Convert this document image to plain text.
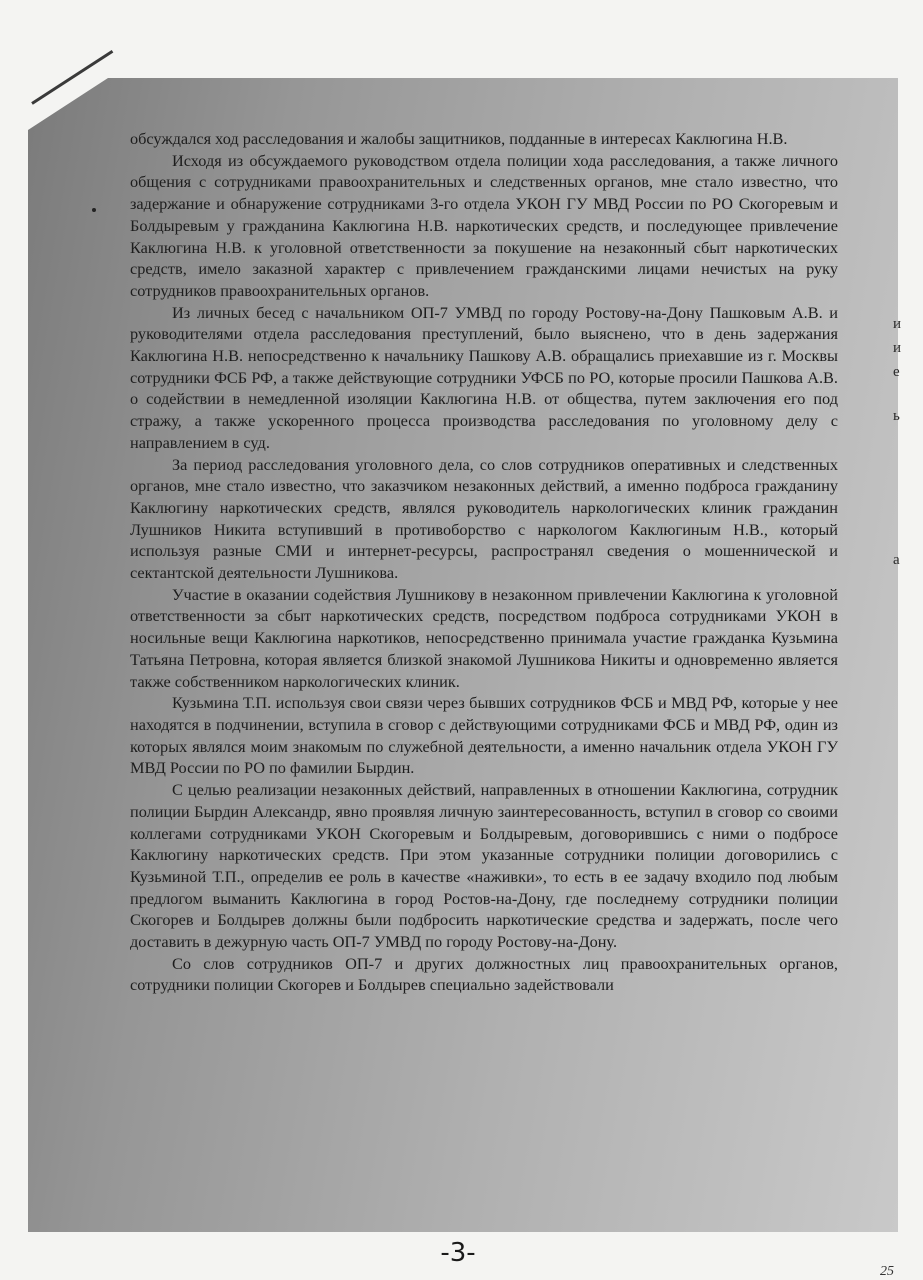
обсуждался ход расследования и жалобы защитников, подданные в интересах Каклюгина Н.В.

Исходя из обсуждаемого руководством отдела полиции хода расследования, а также личного общения с сотрудниками правоохранительных и следственных органов, мне стало известно, что задержание и обнаружение сотрудниками 3-го отдела УКОН ГУ МВД России по РО Скогоревым и Болдыревым у гражданина Каклюгина Н.В. наркотических средств, и последующее привлечение Каклюгина Н.В. к уголовной ответственности за покушение на незаконный сбыт наркотических средств, имело заказной характер с привлечением гражданскими лицами нечистых на руку сотрудников правоохранительных органов.

Из личных бесед с начальником ОП-7 УМВД по городу Ростову-на-Дону Пашковым А.В. и руководителями отдела расследования преступлений, было выяснено, что в день задержания Каклюгина Н.В. непосредственно к начальнику Пашкову А.В. обращались приехавшие из г. Москвы сотрудники ФСБ РФ, а также действующие сотрудники УФСБ по РО, которые просили Пашкова А.В. о содействии в немедленной изоляции Каклюгина Н.В. от общества, путем заключения его под стражу, а также ускоренного процесса производства расследования по уголовному делу с направлением в суд.

За период расследования уголовного дела, со слов сотрудников оперативных и следственных органов, мне стало известно, что заказчиком незаконных действий, а именно подброса гражданину Каклюгину наркотических средств, являлся руководитель наркологических клиник гражданин Лушников Никита вступивший в противоборство с наркологом Каклюгиным Н.В., который используя разные СМИ и интернет-ресурсы, распространял сведения о мошеннической и сектантской деятельности Лушникова.

Участие в оказании содействия Лушникову в незаконном привлечении Каклюгина к уголовной ответственности за сбыт наркотических средств, посредством подброса сотрудниками УКОН в носильные вещи Каклюгина наркотиков, непосредственно принимала участие гражданка Кузьмина Татьяна Петровна, которая является близкой знакомой Лушникова Никиты и одновременно является также собственником наркологических клиник.

Кузьмина Т.П. используя свои связи через бывших сотрудников ФСБ и МВД РФ, которые у нее находятся в подчинении, вступила в сговор с действующими сотрудниками ФСБ и МВД РФ, один из которых являлся моим знакомым по служебной деятельности, а именно начальник отдела УКОН ГУ МВД России по РО по фамилии Бырдин.

С целью реализации незаконных действий, направленных в отношении Каклюгина, сотрудник полиции Бырдин Александр, явно проявляя личную заинтересованность, вступил в сговор со своими коллегами сотрудниками УКОН Скогоревым и Болдыревым, договорившись с ними о подбросе Каклюгину наркотических средств. При этом указанные сотрудники полиции договорились с Кузьминой Т.П., определив ее роль в качестве «наживки», то есть в ее задачу входило под любым предлогом выманить Каклюгина в город Ростов-на-Дону, где последнему сотрудники полиции Скогорев и Болдырев должны были подбросить наркотические средства и задержать, после чего доставить в дежурную часть ОП-7 УМВД по городу Ростову-на-Дону.

Со слов сотрудников ОП-7 и других должностных лиц правоохранительных органов, сотрудники полиции Скогорев и Болдырев специально задействовали

и
и
е
ь
а
-3-
25
